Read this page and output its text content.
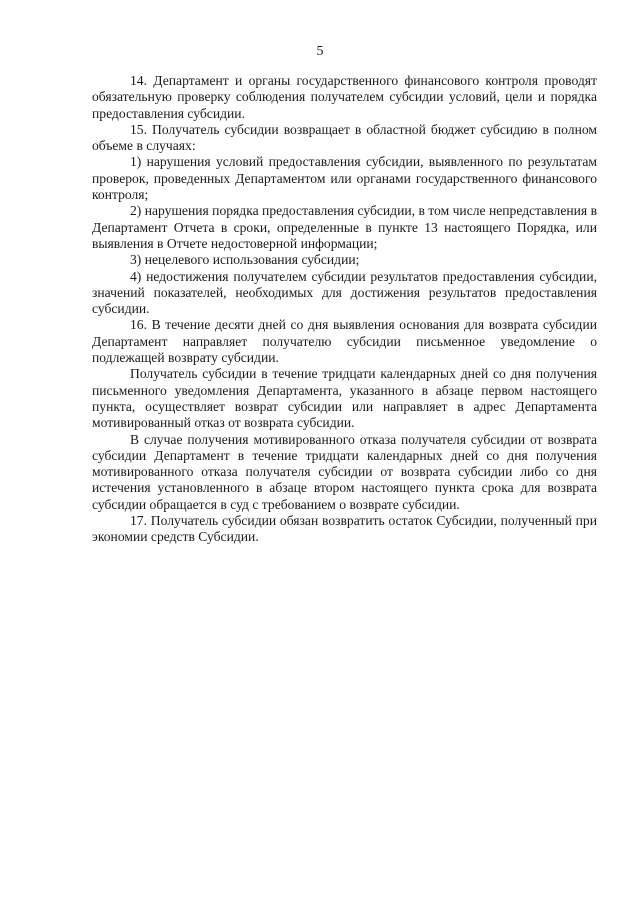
5

14. Департамент и органы государственного финансового контроля проводят обязательную проверку соблюдения получателем субсидии условий, цели и порядка предоставления субсидии.

15. Получатель субсидии возвращает в областной бюджет субсидию в полном объеме в случаях:

1) нарушения условий предоставления субсидии, выявленного по результатам проверок, проведенных Департаментом или органами государственного финансового контроля;

2) нарушения порядка предоставления субсидии, в том числе непредставления в Департамент Отчета в сроки, определенные в пункте 13 настоящего Порядка, или выявления в Отчете недостоверной информации;

3) нецелевого использования субсидии;

4) недостижения получателем субсидии результатов предоставления субсидии, значений показателей, необходимых для достижения результатов предоставления субсидии.

16. В течение десяти дней со дня выявления основания для возврата субсидии Департамент направляет получателю субсидии письменное уведомление о подлежащей возврату субсидии.

Получатель субсидии в течение тридцати календарных дней со дня получения письменного уведомления Департамента, указанного в абзаце первом настоящего пункта, осуществляет возврат субсидии или направляет в адрес Департамента мотивированный отказ от возврата субсидии.

В случае получения мотивированного отказа получателя субсидии от возврата субсидии Департамент в течение тридцати календарных дней со дня получения мотивированного отказа получателя субсидии от возврата субсидии либо со дня истечения установленного в абзаце втором настоящего пункта срока для возврата субсидии обращается в суд с требованием о возврате субсидии.

17. Получатель субсидии обязан возвратить остаток Субсидии, полученный при экономии средств Субсидии.
